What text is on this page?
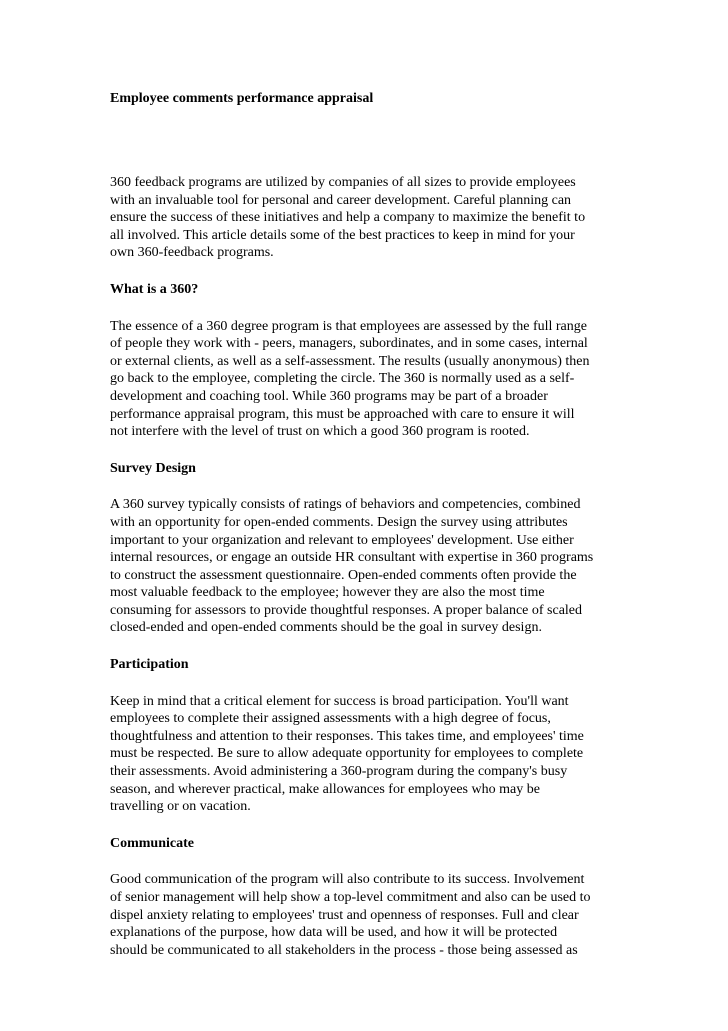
Employee comments performance appraisal

360 feedback programs are utilized by companies of all sizes to provide employees
with an invaluable tool for personal and career development. Careful planning can
ensure the success of these initiatives and help a company to maximize the benefit to
all involved. This article details some of the best practices to keep in mind for your
own 360-feedback programs.

What is a 360?

The essence of a 360 degree program is that employees are assessed by the full range
of people they work with - peers, managers, subordinates, and in some cases, internal
or external clients, as well as a self-assessment. The results (usually anonymous) then
go back to the employee, completing the circle. The 360 is normally used as a self-
development and coaching tool. While 360 programs may be part of a broader
performance appraisal program, this must be approached with care to ensure it will
not interfere with the level of trust on which a good 360 program is rooted.

Survey Design

A 360 survey typically consists of ratings of behaviors and competencies, combined
with an opportunity for open-ended comments. Design the survey using attributes
important to your organization and relevant to employees' development. Use either
internal resources, or engage an outside HR consultant with expertise in 360 programs
to construct the assessment questionnaire. Open-ended comments often provide the
most valuable feedback to the employee; however they are also the most time
consuming for assessors to provide thoughtful responses. A proper balance of scaled
closed-ended and open-ended comments should be the goal in survey design.

Participation

Keep in mind that a critical element for success is broad participation. You'll want
employees to complete their assigned assessments with a high degree of focus,
thoughtfulness and attention to their responses. This takes time, and employees' time
must be respected. Be sure to allow adequate opportunity for employees to complete
their assessments. Avoid administering a 360-program during the company's busy
season, and wherever practical, make allowances for employees who may be
travelling or on vacation.

Communicate

Good communication of the program will also contribute to its success. Involvement
of senior management will help show a top-level commitment and also can be used to
dispel anxiety relating to employees' trust and openness of responses. Full and clear
explanations of the purpose, how data will be used, and how it will be protected
should be communicated to all stakeholders in the process - those being assessed as
